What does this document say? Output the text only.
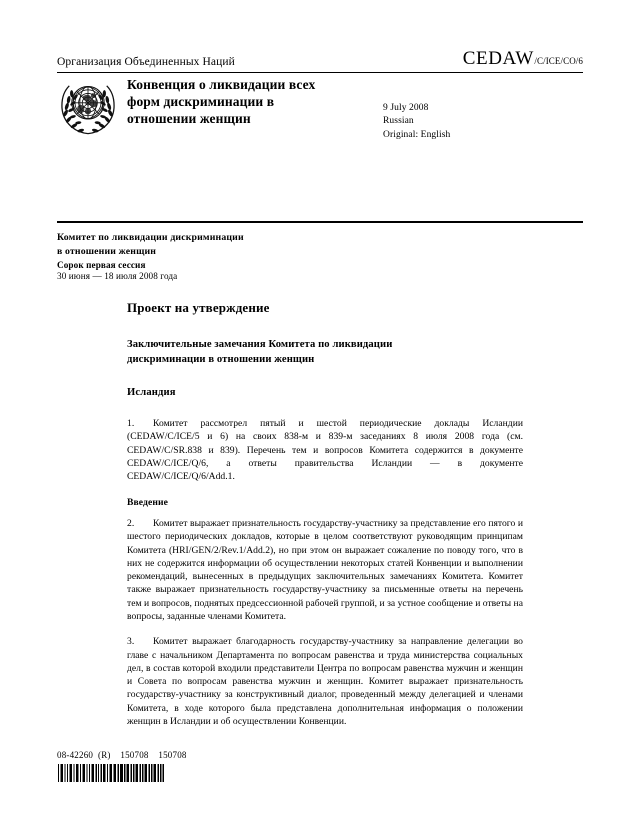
Организация Объединенных Наций	CEDAW /C/ICE/CO/6
Конвенция о ликвидации всех
форм дискриминации в
отношении женщин
9 July 2008
Russian
Original: English
Комитет по ликвидации дискриминации
в отношении женщин
Сорок первая сессия
30 июня — 18 июля 2008 года
Проект на утверждение
Заключительные замечания Комитета по ликвидации
дискриминации в отношении женщин
Исландия

1. Комитет рассмотрел пятый и шестой периодические доклады Исландии (CEDAW/C/ICE/5 и 6) на своих 838-м и 839-м заседаниях 8 июля 2008 года (см. CEDAW/C/SR.838 и 839). Перечень тем и вопросов Комитета содержится в документе CEDAW/C/ICE/Q/6, а ответы правительства Исландии — в документе CEDAW/C/ICE/Q/6/Add.1.

Введение

2. Комитет выражает признательность государству-участнику за представление его пятого и шестого периодических докладов, которые в целом соответствуют руководящим принципам Комитета (HRI/GEN/2/Rev.1/Add.2), но при этом он выражает сожаление по поводу того, что в них не содержится информации об осуществлении некоторых статей Конвенции и выполнении рекомендаций, вынесенных в предыдущих заключительных замечаниях Комитета. Комитет также выражает признательность государству-участнику за письменные ответы на перечень тем и вопросов, поднятых предсессионной рабочей группой, и за устное сообщение и ответы на вопросы, заданные членами Комитета.

3. Комитет выражает благодарность государству-участнику за направление делегации во главе с начальником Департамента по вопросам равенства и труда министерства социальных дел, в состав которой входили представители Центра по вопросам равенства мужчин и женщин и Совета по вопросам равенства мужчин и женщин. Комитет выражает признательность государству-участнику за конструктивный диалог, проведенный между делегацией и членами Комитета, в ходе которого была представлена дополнительная информация о положении женщин в Исландии и об осуществлении Конвенции.

08-42260  (R)    150708    150708
